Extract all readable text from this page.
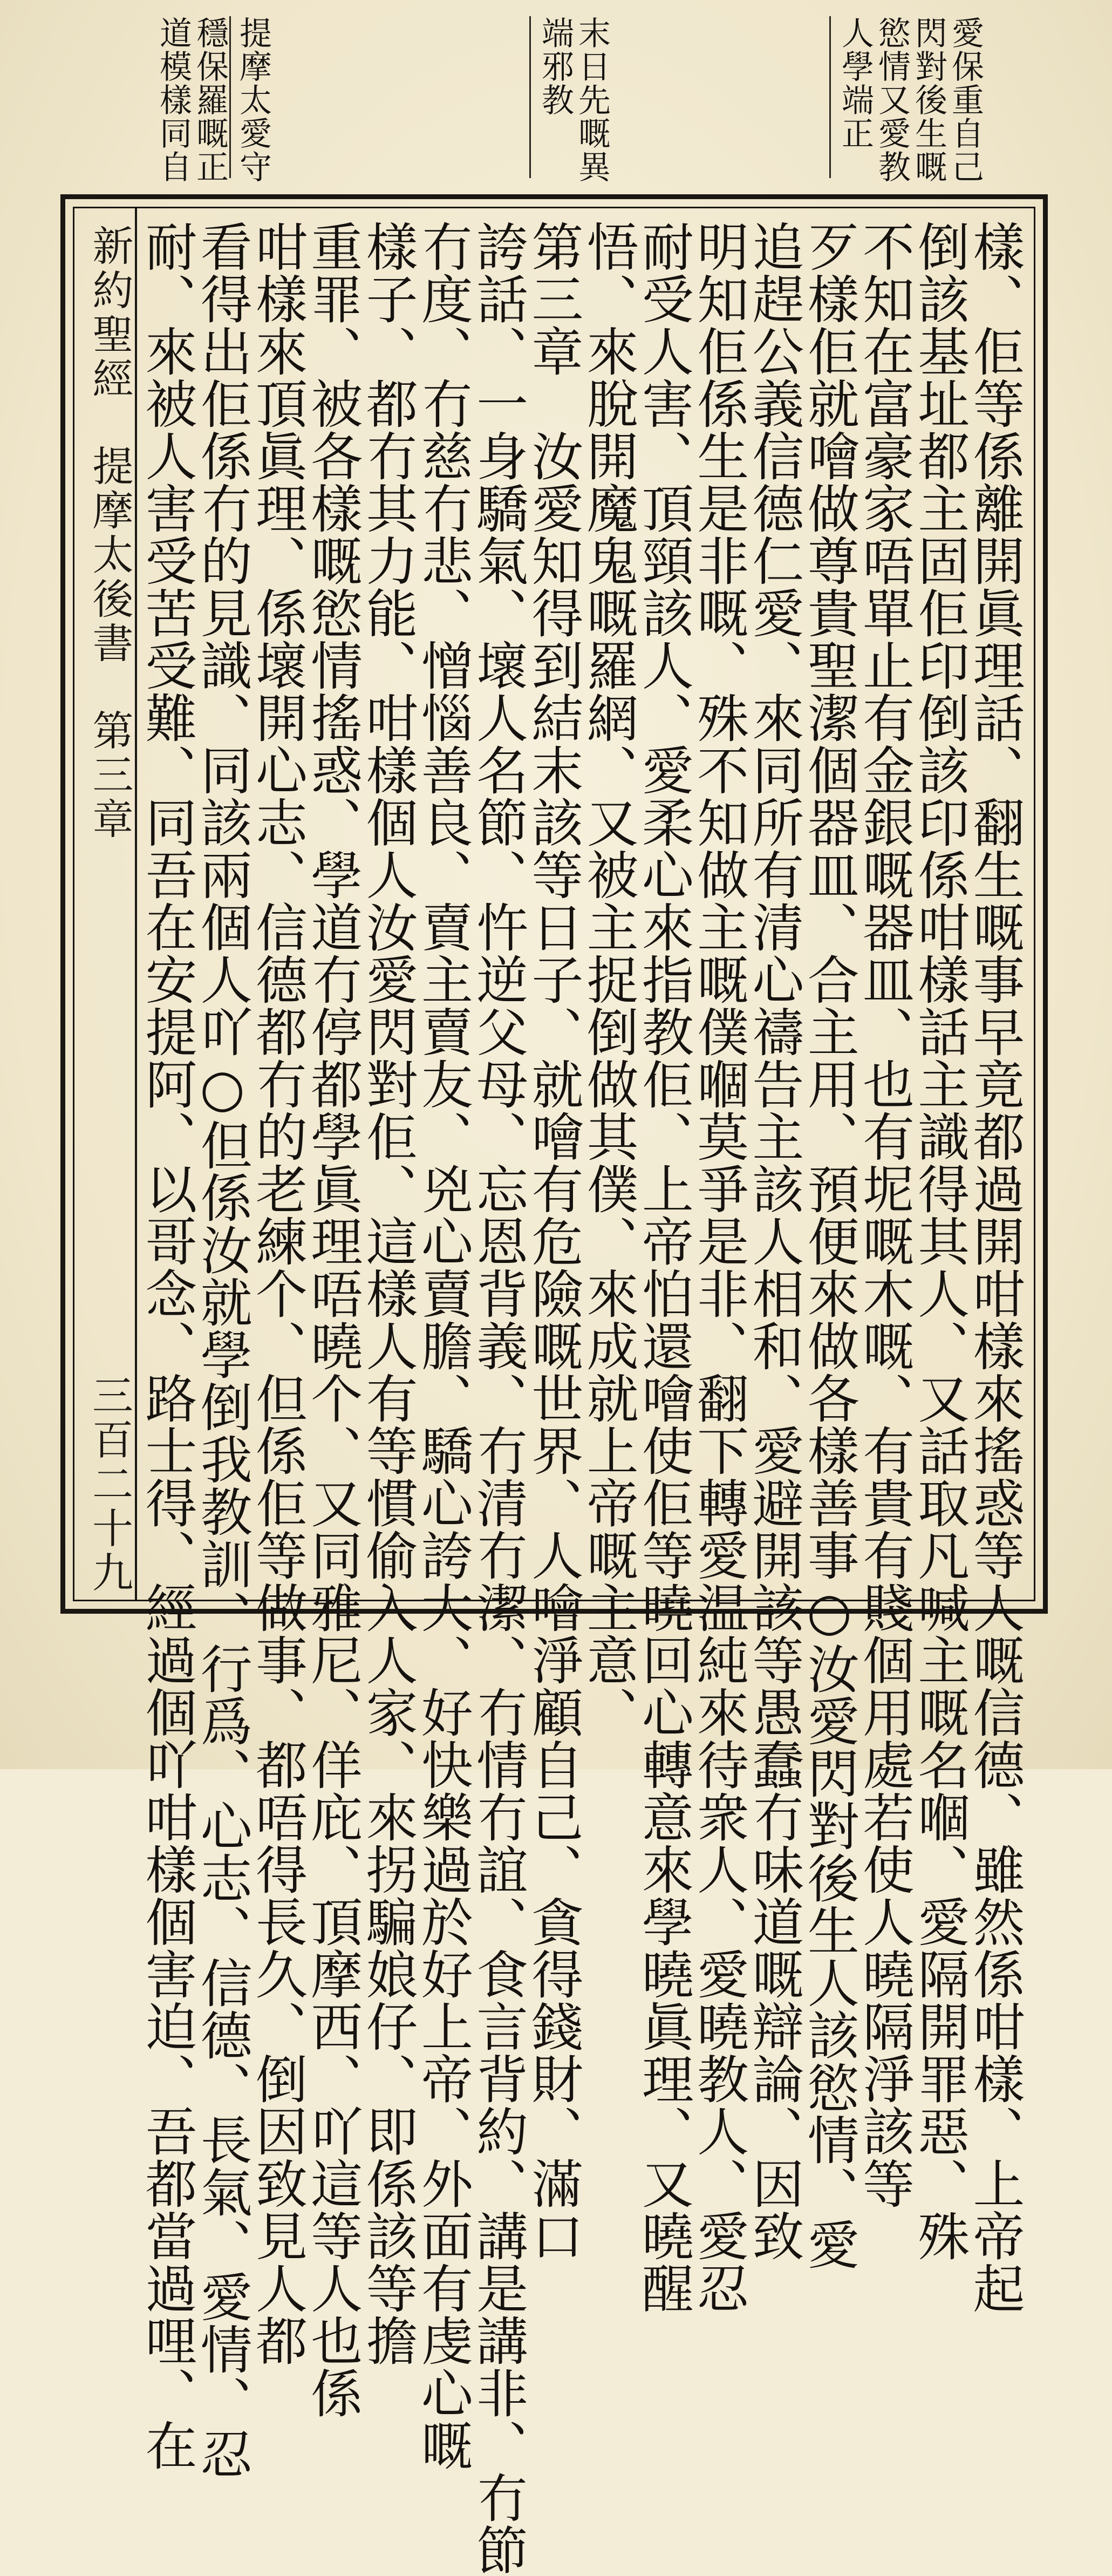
愛保重自己
閃對後生嘅
慾情又愛教
人學端正
末日先嘅異
端邪教
提摩太愛守
穩保羅嘅正
道模樣同自
新約聖經提摩太後書第三章
三百二十九	樣、佢等係離開眞理話、翻生嘅事早竟都過開咁樣來搖惑等人嘅信德、雖然係咁樣、上帝起
倒該基址都主固佢印倒該印係咁樣話主識得其人、又話取凡喊主嘅名嗰、愛隔開罪惡、殊
不知在富豪家唔單止有金銀嘅器皿、也有坭嘅木嘅、有貴有賤個用處若使人曉隔淨該等
歹樣佢就噲做尊貴聖潔個器皿、合主用、預便來做各樣善事○汝愛閃對後生人該慾情、愛
追趕公義信德仁愛、來同所有清心禱告主該人相和、愛避開該等愚蠢冇味道嘅辯論、因致
明知佢係生是非嘅、殊不知做主嘅僕嗰莫爭是非、翻下轉愛温純來待衆人、愛曉教人、愛忍
耐受人害、頂頸該人、愛柔心來指教佢、上帝怕還噲使佢等曉回心轉意來學曉眞理、又曉醒
悟、來脫開魔鬼嘅羅網、又被主捉倒做其僕、來成就上帝嘅主意、
第三章　汝愛知得到結末該等日子、就噲有危險嘅世界、人噲淨顧自己、貪得錢財、滿口
誇話、一身驕氣、壞人名節、忤逆父母、忘恩背義、冇清冇潔、冇情冇誼、食言背約、講是講非、冇節
冇度、冇慈冇悲、憎惱善良、賣主賣友、兇心賣膽、驕心誇大、好快樂過於好上帝、外面有虔心嘅
樣子、都冇其力能、咁樣個人汝愛閃對佢、這樣人有等慣偷入人家、來拐騙娘仔、即係該等擔
重罪、被各樣嘅慾情搖惑、學道冇停都學眞理唔曉个、又同雅尼、佯庇、頂摩西、吖這等人也係
咁樣來頂眞理、係壞開心志、信德都冇的老練个、但係佢等做事、都唔得長久、倒因致見人都
看得出佢係冇的見識、同該兩個人吖○但係汝就學倒我教訓、行爲、心志、信德、長氣、愛情、忍
耐、來被人害受苦受難、同吾在安提阿、以哥念、路士得、經過個吖咁樣個害迫、吾都當過哩、在
